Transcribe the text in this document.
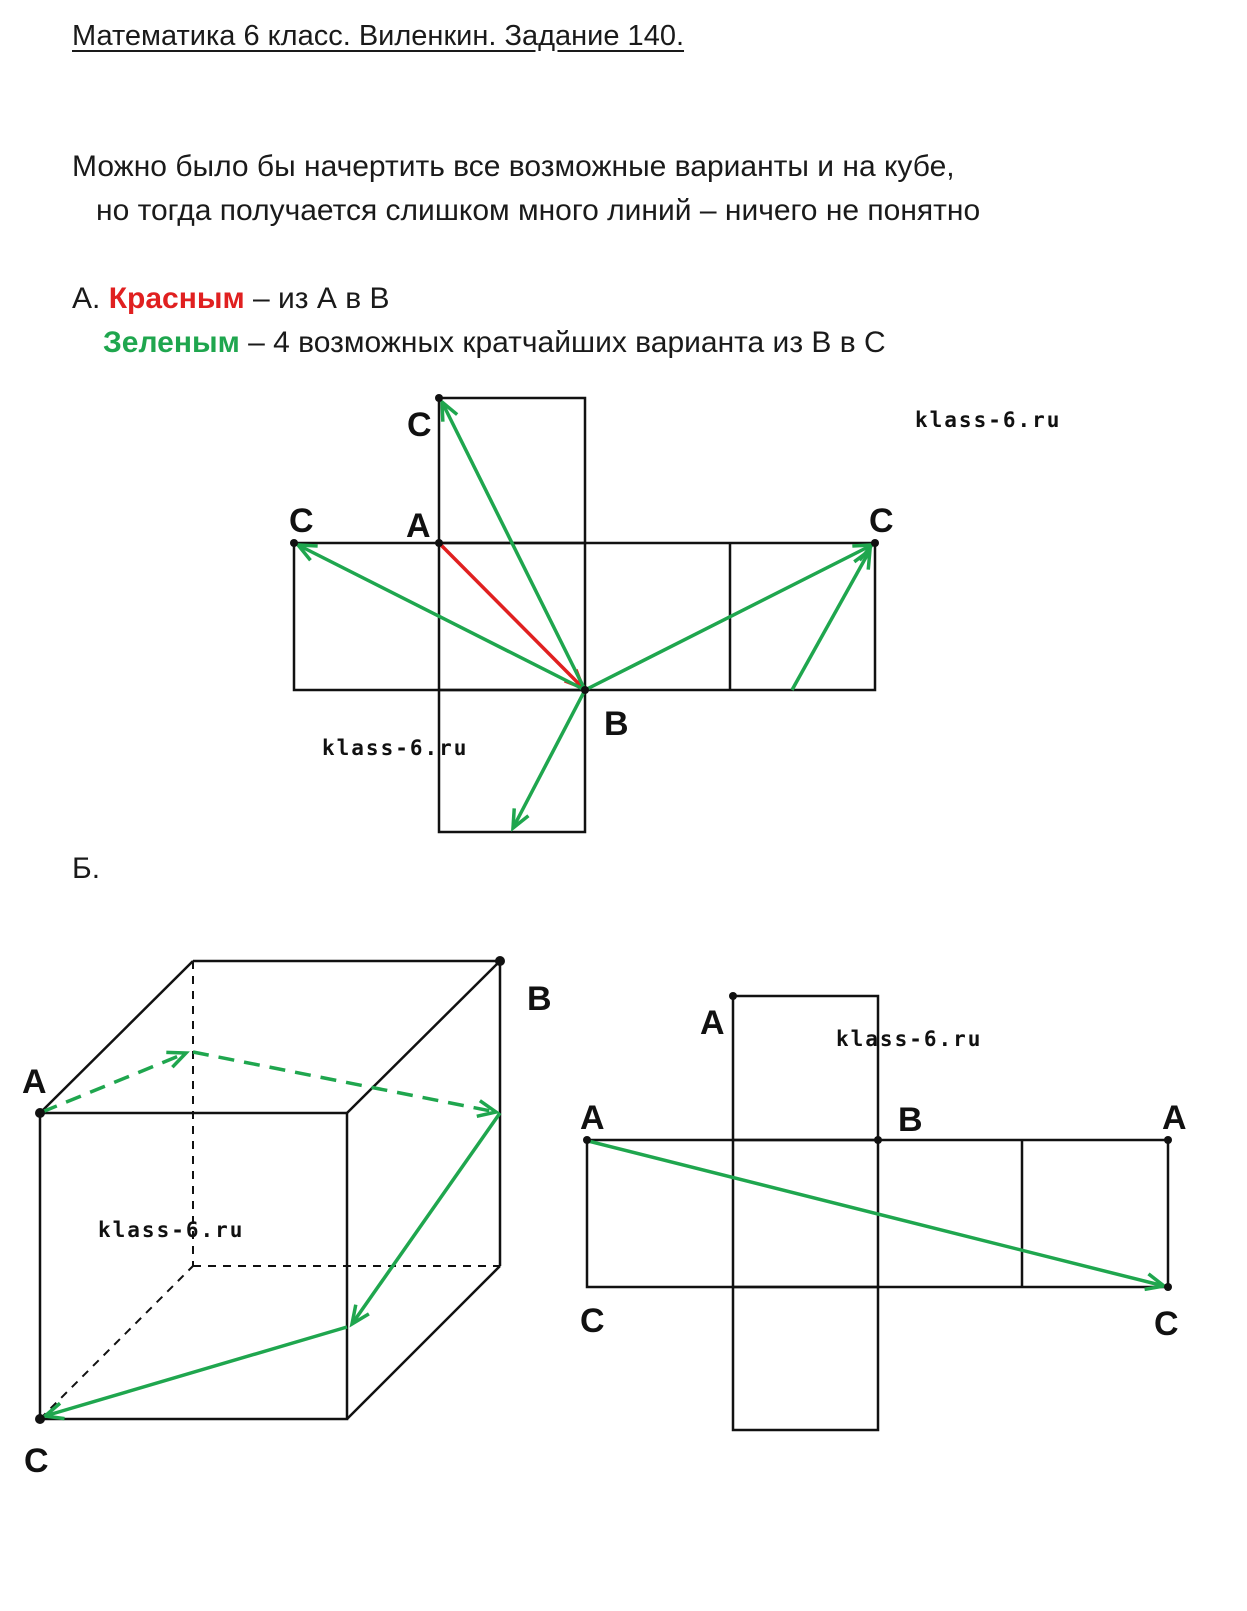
Математика 6 класс. Виленкин. Задание 140.
Можно было бы начертить все возможные варианты и на кубе,
но тогда получается слишком много линий – ничего не понятно
А. Красным – из А в В
Зеленым – 4 возможных кратчайших варианта из В в С
Б.
klass-6.ru
klass-6.ru
klass-6.ru
klass-6.ru
C
C	A	C
B
A
B
C
A
A	B	A
C	C
